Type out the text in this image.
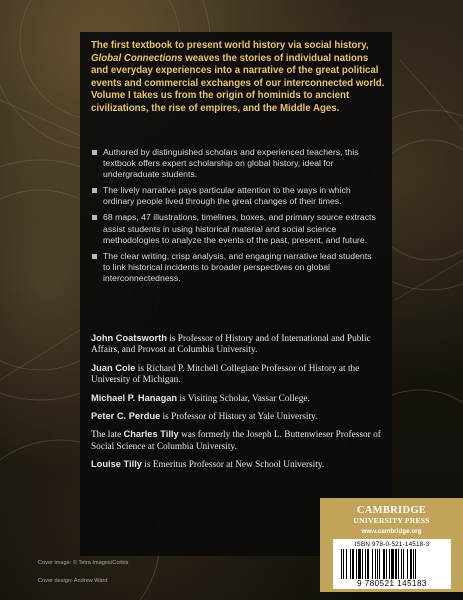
The first textbook to present world history via social history, Global Connections weaves the stories of individual nations and everyday experiences into a narrative of the great political events and commercial exchanges of our interconnected world. Volume I takes us from the origin of hominids to ancient civilizations, the rise of empires, and the Middle Ages.
Authored by distinguished scholars and experienced teachers, this textbook offers expert scholarship on global history, ideal for undergraduate students.
The lively narrative pays particular attention to the ways in which ordinary people lived through the great changes of their times.
68 maps, 47 illustrations, timelines, boxes, and primary source extracts assist students in using historical material and social science methodologies to analyze the events of the past, present, and future.
The clear writing, crisp analysis, and engaging narrative lead students to link historical incidents to broader perspectives on global interconnectedness.

John Coatsworth is Professor of History and of International and Public Affairs, and Provost at Columbia University.

Juan Cole is Richard P. Mitchell Collegiate Professor of History at the University of Michigan.

Michael P. Hanagan is Visiting Scholar, Vassar College.

Peter C. Perdue is Professor of History at Yale University.

The late Charles Tilly was formerly the Joseph L. Buttenwieser Professor of Social Science at Columbia University.

Louise Tilly is Emeritus Professor at New School University.

Cover image: © Tetra Images/Corbis
Cover design: Andrew Ward
CAMBRIDGE
UNIVERSITY PRESS
www.cambridge.org
ISBN 978-0-521-14518-3
9 780521 145183
